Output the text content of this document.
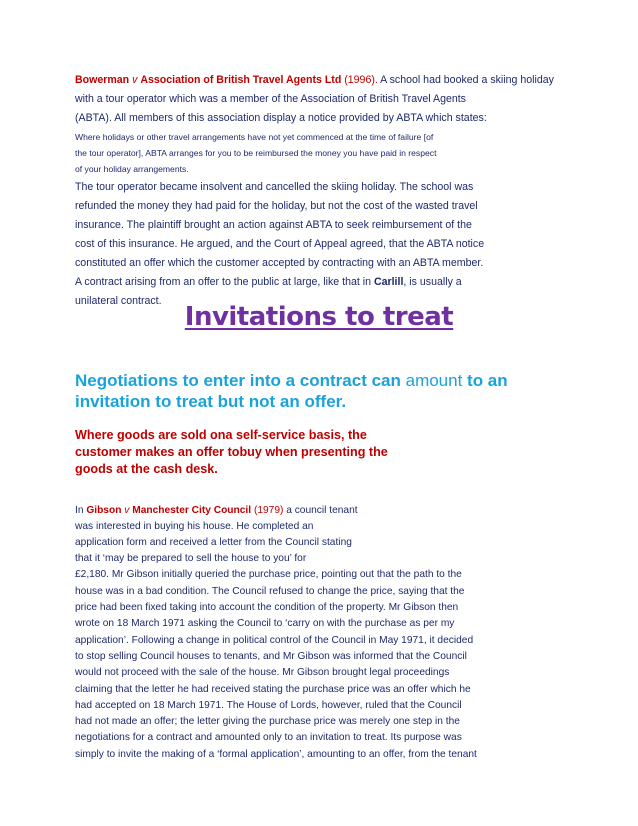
Bowerman v Association of British Travel Agents Ltd (1996). A school had booked a skiing holiday
with a tour operator which was a member of the Association of British Travel Agents
(ABTA). All members of this association display a notice provided by ABTA which states:
Where holidays or other travel arrangements have not yet commenced at the time of failure [of
the tour operator], ABTA arranges for you to be reimbursed the money you have paid in respect
of your holiday arrangements.
The tour operator became insolvent and cancelled the skiing holiday. The school was
refunded the money they had paid for the holiday, but not the cost of the wasted travel
insurance. The plaintiff brought an action against ABTA to seek reimbursement of the
cost of this insurance. He argued, and the Court of Appeal agreed, that the ABTA notice
constituted an offer which the customer accepted by contracting with an ABTA member.
A contract arising from an offer to the public at large, like that in Carlill, is usually a
unilateral contract.
Invitations to treat
Negotiations to enter into a contract can amount to an
invitation to treat but not an offer.
Where goods are sold ona self-service basis, the
customer makes an offer tobuy when presenting the
goods at the cash desk.
In Gibson v Manchester City Council (1979) a council tenant
was interested in buying his house. He completed an
application form and received a letter from the Council stating
that it ‘may be prepared to sell the house to you’ for
£2,180. Mr Gibson initially queried the purchase price, pointing out that the path to the
house was in a bad condition. The Council refused to change the price, saying that the
price had been fixed taking into account the condition of the property. Mr Gibson then
wrote on 18 March 1971 asking the Council to ‘carry on with the purchase as per my
application’. Following a change in political control of the Council in May 1971, it decided
to stop selling Council houses to tenants, and Mr Gibson was informed that the Council
would not proceed with the sale of the house. Mr Gibson brought legal proceedings
claiming that the letter he had received stating the purchase price was an offer which he
had accepted on 18 March 1971. The House of Lords, however, ruled that the Council
had not made an offer; the letter giving the purchase price was merely one step in the
negotiations for a contract and amounted only to an invitation to treat. Its purpose was
simply to invite the making of a ‘formal application’, amounting to an offer, from the tenant
